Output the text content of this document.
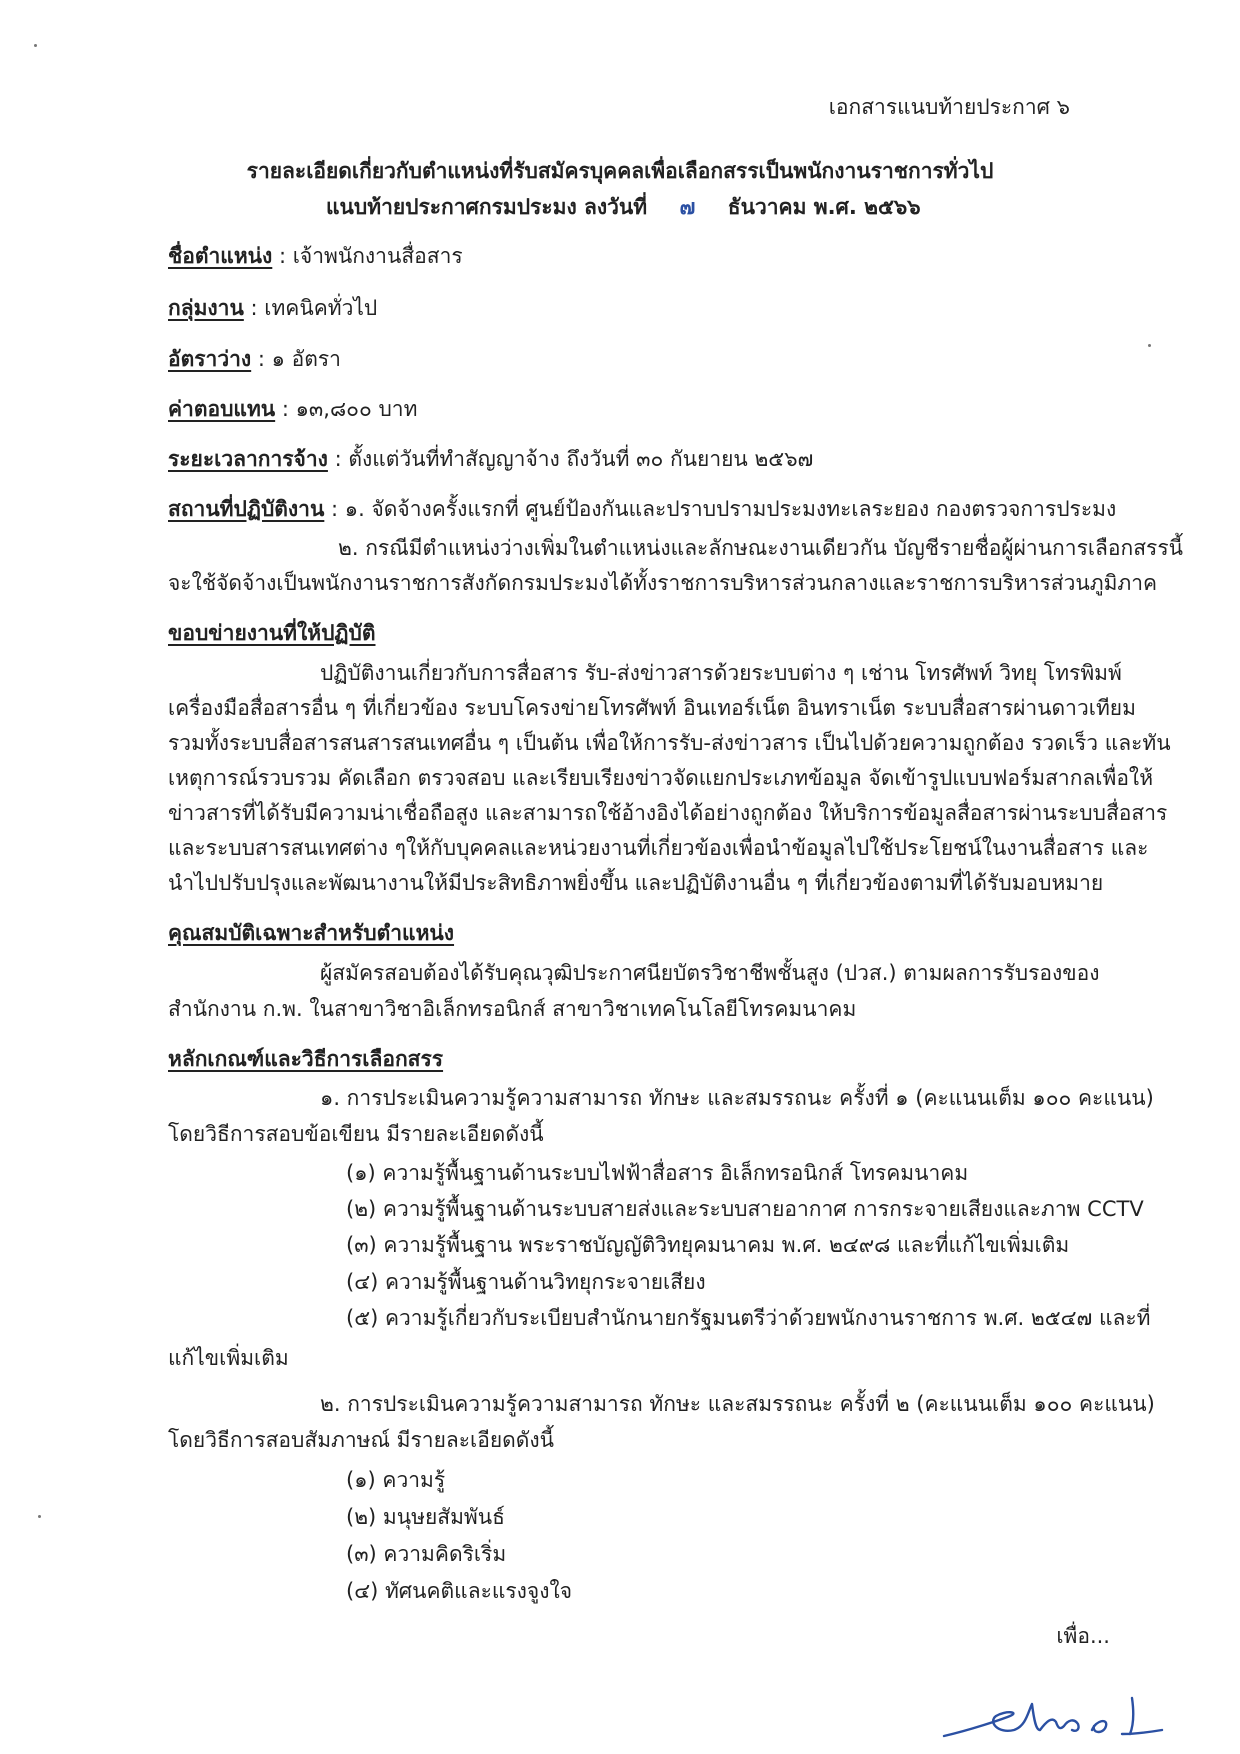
เอกสารแนบท้ายประกาศ ๖
รายละเอียดเกี่ยวกับตำแหน่งที่รับสมัครบุคคลเพื่อเลือกสรรเป็นพนักงานราชการทั่วไป
แนบท้ายประกาศกรมประมง ลงวันที่ ๗ ธันวาคม พ.ศ. ๒๕๖๖
ชื่อตำแหน่ง : เจ้าพนักงานสื่อสาร
กลุ่มงาน : เทคนิคทั่วไป
อัตราว่าง : ๑ อัตรา
ค่าตอบแทน : ๑๓,๘๐๐ บาท
ระยะเวลาการจ้าง : ตั้งแต่วันที่ทำสัญญาจ้าง ถึงวันที่ ๓๐ กันยายน ๒๕๖๗
สถานที่ปฏิบัติงาน : ๑. จัดจ้างครั้งแรกที่ ศูนย์ป้องกันและปราบปรามประมงทะเลระยอง กองตรวจการประมง
๒. กรณีมีตำแหน่งว่างเพิ่มในตำแหน่งและลักษณะงานเดียวกัน บัญชีรายชื่อผู้ผ่านการเลือกสรรนี้
จะใช้จัดจ้างเป็นพนักงานราชการสังกัดกรมประมงได้ทั้งราชการบริหารส่วนกลางและราชการบริหารส่วนภูมิภาค
ขอบข่ายงานที่ให้ปฏิบัติ
ปฏิบัติงานเกี่ยวกับการสื่อสาร รับ-ส่งข่าวสารด้วยระบบต่าง ๆ เช่าน โทรศัพท์ วิทยุ โทรพิมพ์
เครื่องมือสื่อสารอื่น ๆ ที่เกี่ยวข้อง ระบบโครงข่ายโทรศัพท์ อินเทอร์เน็ต อินทราเน็ต ระบบสื่อสารผ่านดาวเทียม
รวมทั้งระบบสื่อสารสนสารสนเทศอื่น ๆ เป็นต้น เพื่อให้การรับ-ส่งข่าวสาร เป็นไปด้วยความถูกต้อง รวดเร็ว และทัน
เหตุการณ์รวบรวม คัดเลือก ตรวจสอบ และเรียบเรียงข่าวจัดแยกประเภทข้อมูล จัดเข้ารูปแบบฟอร์มสากลเพื่อให้
ข่าวสารที่ได้รับมีความน่าเชื่อถือสูง และสามารถใช้อ้างอิงได้อย่างถูกต้อง ให้บริการข้อมูลสื่อสารผ่านระบบสื่อสาร
และระบบสารสนเทศต่าง ๆให้กับบุคคลและหน่วยงานที่เกี่ยวข้องเพื่อนำข้อมูลไปใช้ประโยชน์ในงานสื่อสาร และ
นำไปปรับปรุงและพัฒนางานให้มีประสิทธิภาพยิ่งขึ้น และปฏิบัติงานอื่น ๆ ที่เกี่ยวข้องตามที่ได้รับมอบหมาย
คุณสมบัติเฉพาะสำหรับตำแหน่ง
ผู้สมัครสอบต้องได้รับคุณวุฒิประกาศนียบัตรวิชาชีพชั้นสูง (ปวส.) ตามผลการรับรองของ
สำนักงาน ก.พ. ในสาขาวิชาอิเล็กทรอนิกส์ สาขาวิชาเทคโนโลยีโทรคมนาคม
หลักเกณฑ์และวิธีการเลือกสรร
๑. การประเมินความรู้ความสามารถ ทักษะ และสมรรถนะ ครั้งที่ ๑ (คะแนนเต็ม ๑๐๐ คะแนน)
โดยวิธีการสอบข้อเขียน มีรายละเอียดดังนี้
(๑) ความรู้พื้นฐานด้านระบบไฟฟ้าสื่อสาร อิเล็กทรอนิกส์ โทรคมนาคม
(๒) ความรู้พื้นฐานด้านระบบสายส่งและระบบสายอากาศ การกระจายเสียงและภาพ CCTV
(๓) ความรู้พื้นฐาน พระราชบัญญัติวิทยุคมนาคม พ.ศ. ๒๔๙๘ และที่แก้ไขเพิ่มเติม
(๔) ความรู้พื้นฐานด้านวิทยุกระจายเสียง
(๕) ความรู้เกี่ยวกับระเบียบสำนักนายกรัฐมนตรีว่าด้วยพนักงานราชการ พ.ศ. ๒๕๔๗ และที่
แก้ไขเพิ่มเติม
๒. การประเมินความรู้ความสามารถ ทักษะ และสมรรถนะ ครั้งที่ ๒ (คะแนนเต็ม ๑๐๐ คะแนน)
โดยวิธีการสอบสัมภาษณ์ มีรายละเอียดดังนี้
(๑) ความรู้
(๒) มนุษยสัมพันธ์
(๓) ความคิดริเริ่ม
(๔) ทัศนคติและแรงจูงใจ
เพื่อ...
